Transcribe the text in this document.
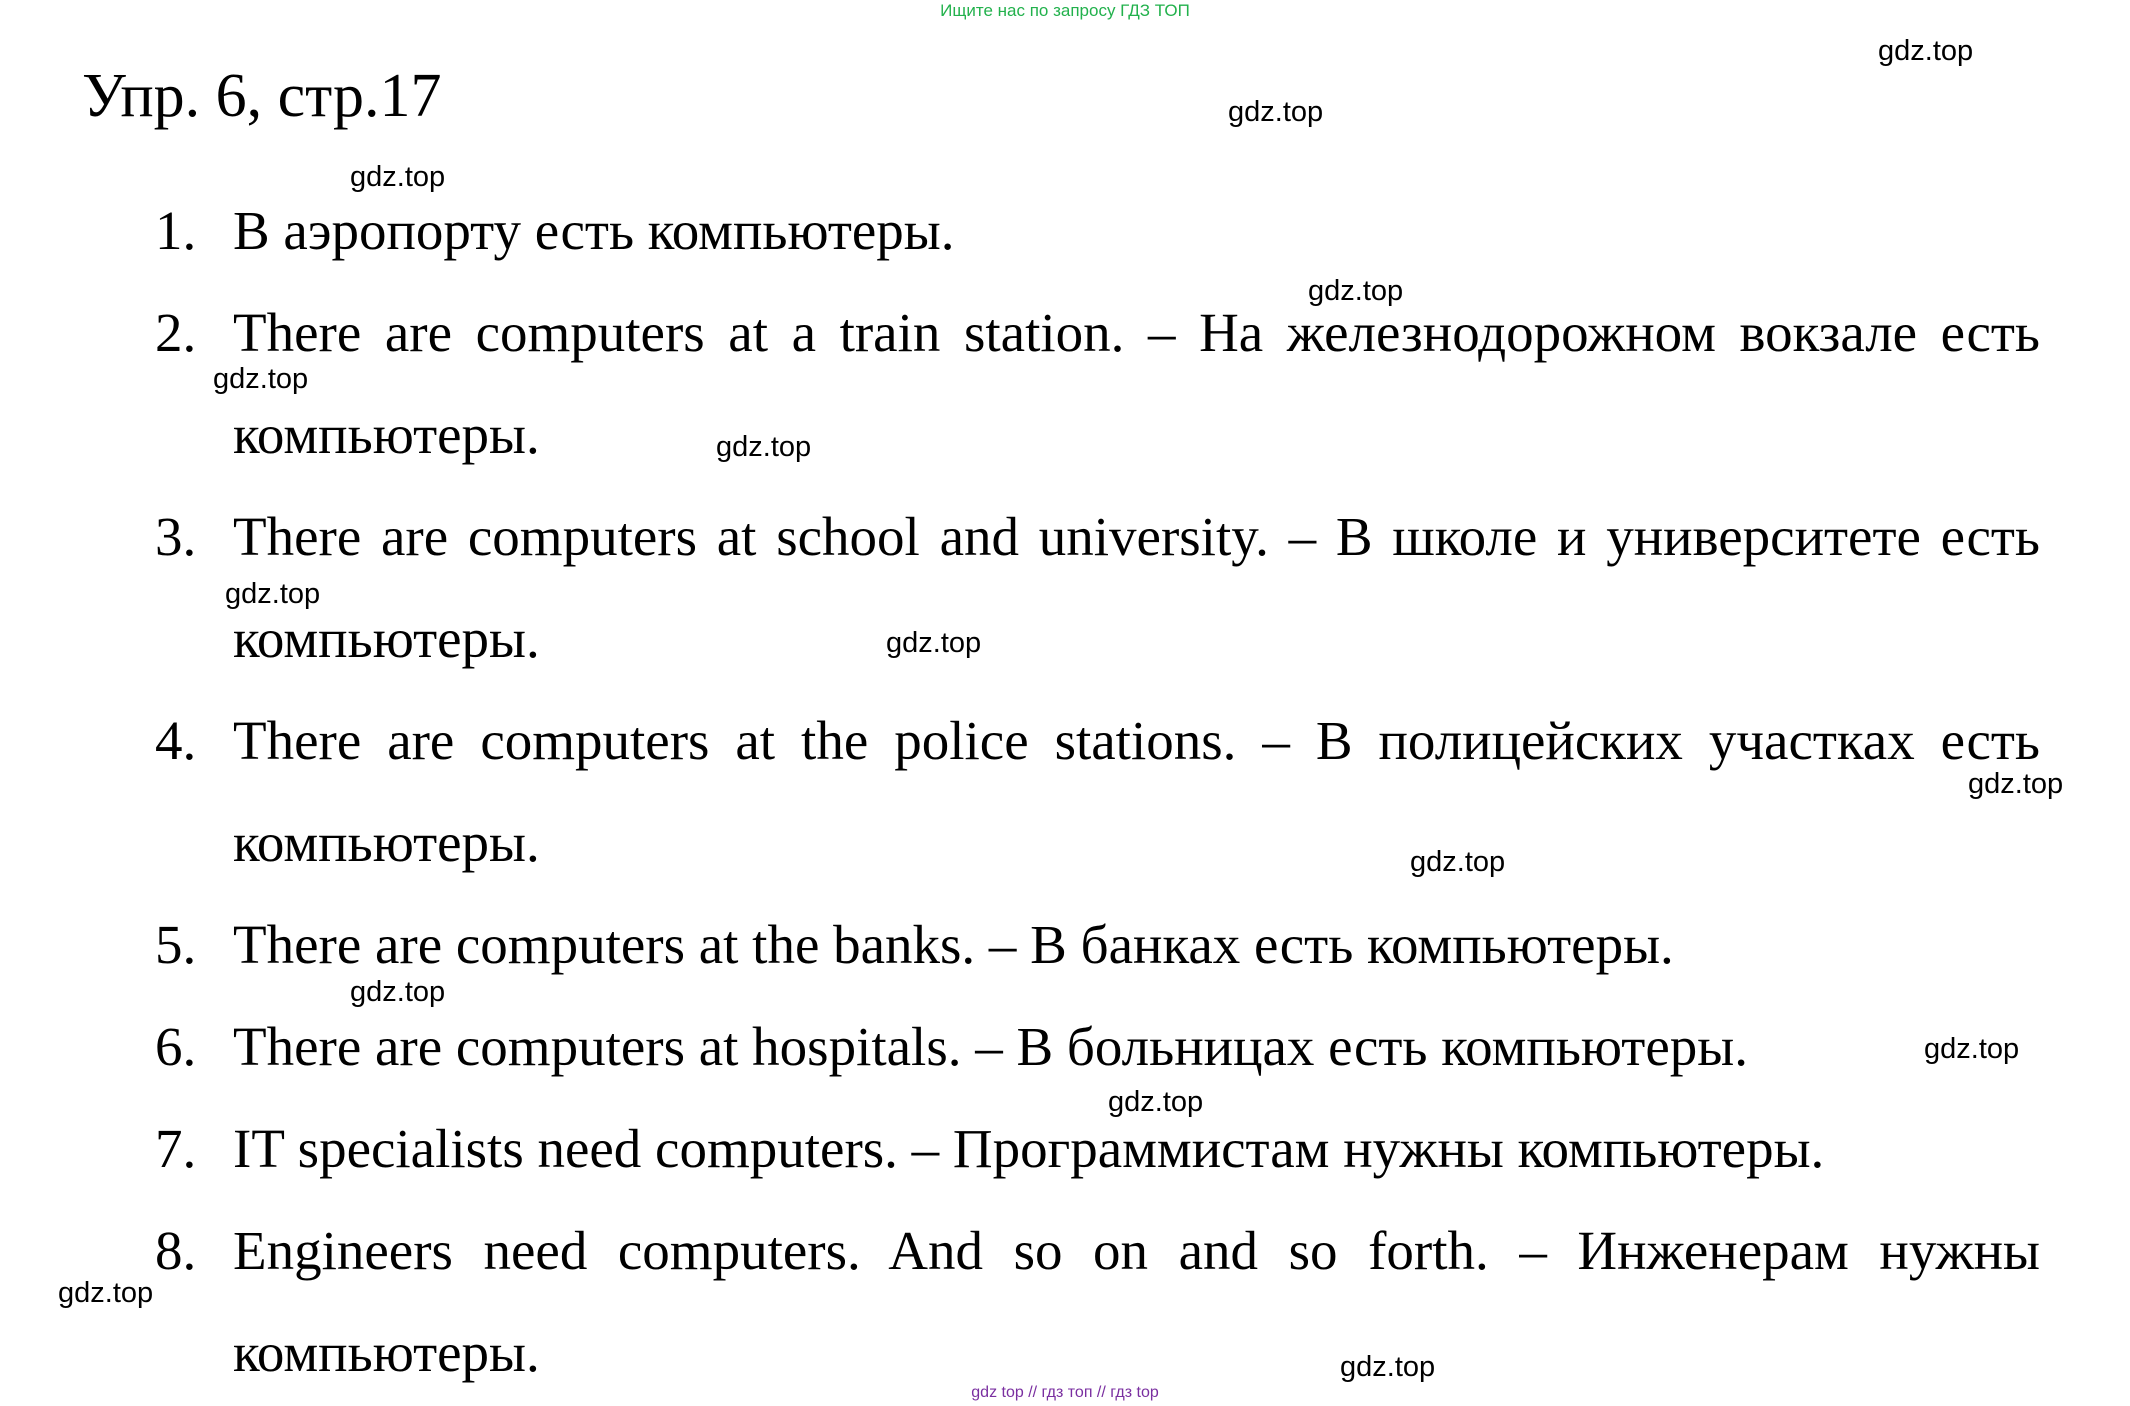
Ищите нас по запросу ГДЗ ТОП
Упр. 6, стр.17
1. В аэропорту есть компьютеры.
2. There are computers at a train station. – На железнодорожном вокзале есть компьютеры.
3. There are computers at school and university. – В школе и университете есть компьютеры.
4. There are computers at the police stations. – В полицейских участках есть компьютеры.
5. There are computers at the banks. – В банках есть компьютеры.
6. There are computers at hospitals. – В больницах есть компьютеры.
7. IT specialists need computers. – Программистам нужны компьютеры.
8. Engineers need computers. And so on and so forth. – Инженерам нужны компьютеры.
gdz.top
gdz.top
gdz.top
gdz.top
gdz.top
gdz.top
gdz.top
gdz.top
gdz.top
gdz.top
gdz.top
gdz.top
gdz.top
gdz.top
gdz.top
gdz top // гдз топ // гдз top
